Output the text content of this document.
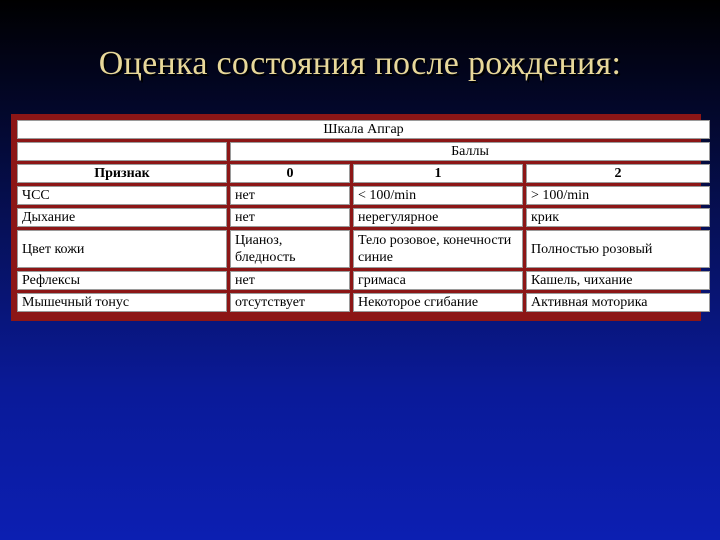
Оценка состояния после рождения:
Шкала Апгар			
	Баллы		
Признак	0	1	2
ЧСС	нет	< 100/min	> 100/min
Дыхание	нет	нерегулярное	крик
Цвет кожи	Цианоз, бледность	Тело розовое, конечности синие	Полностью розовый
Рефлексы	нет	гримаса	Кашель, чихание
Мышечный тонус	отсутствует	Некоторое сгибание	Активная моторика
